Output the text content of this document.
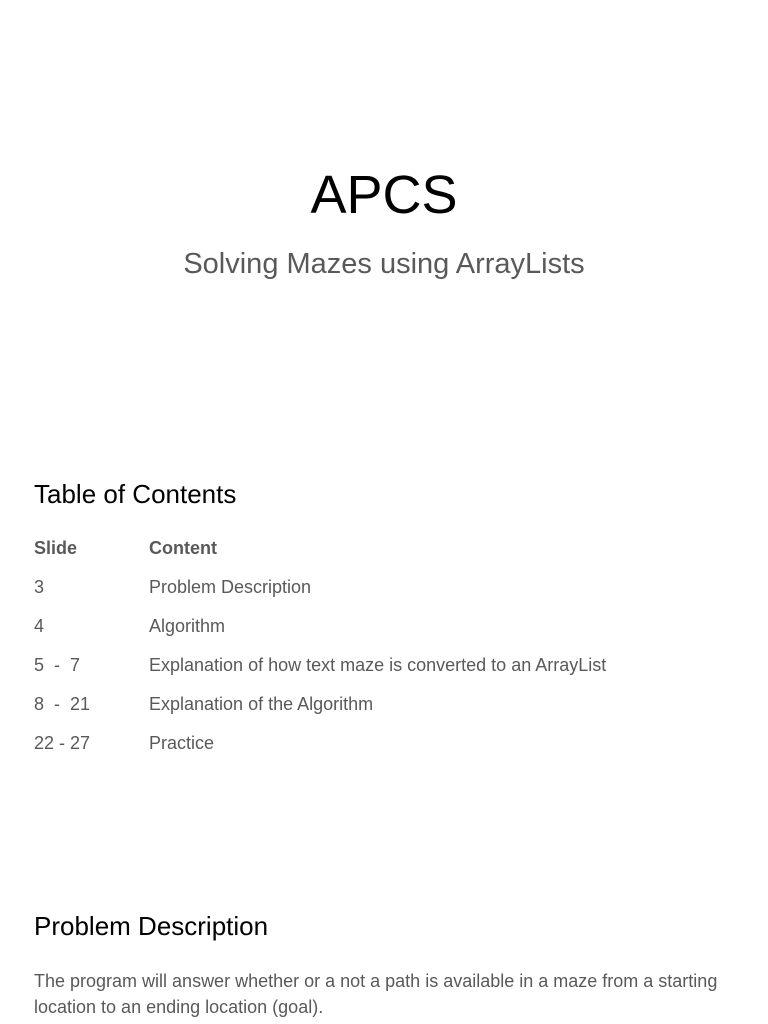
APCS
Solving Mazes using ArrayLists
Table of Contents
Slide	Content
3	Problem Description
4	Algorithm
5  -  7	Explanation of how text maze is converted to an ArrayList
8  -  21	Explanation of the Algorithm
22 - 27	Practice
Problem Description

The program will answer whether or a not a path is available in a maze from a starting location to an ending location (goal).
